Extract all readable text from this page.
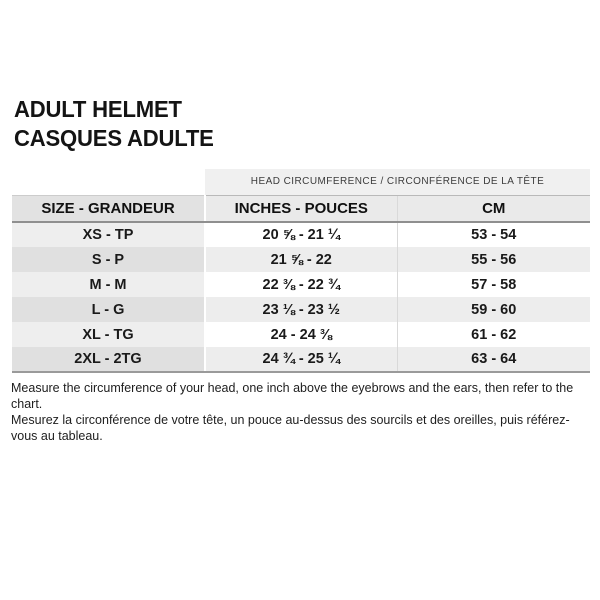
ADULT HELMET
CASQUES ADULTE
	HEAD CIRCUMFERENCE / CIRCONFÉRENCE DE LA TÊTE	
SIZE - GRANDEUR	INCHES - POUCES	CM
XS - TP	20 ⅝ - 21 ¼	53 - 54
S - P	21 ⅝ - 22	55 - 56
M - M	22 ⅜ - 22 ¾	57 - 58
L - G	23 ⅛ - 23 ½	59 - 60
XL - TG	24 - 24 ⅜	61 - 62
2XL - 2TG	24 ¾ - 25 ¼	63 - 64
Measure the circumference of your head, one inch above the eyebrows and the ears, then refer to the chart.
Mesurez la circonférence de votre tête, un pouce au-dessus des sourcils et des oreilles, puis référez-vous au tableau.
